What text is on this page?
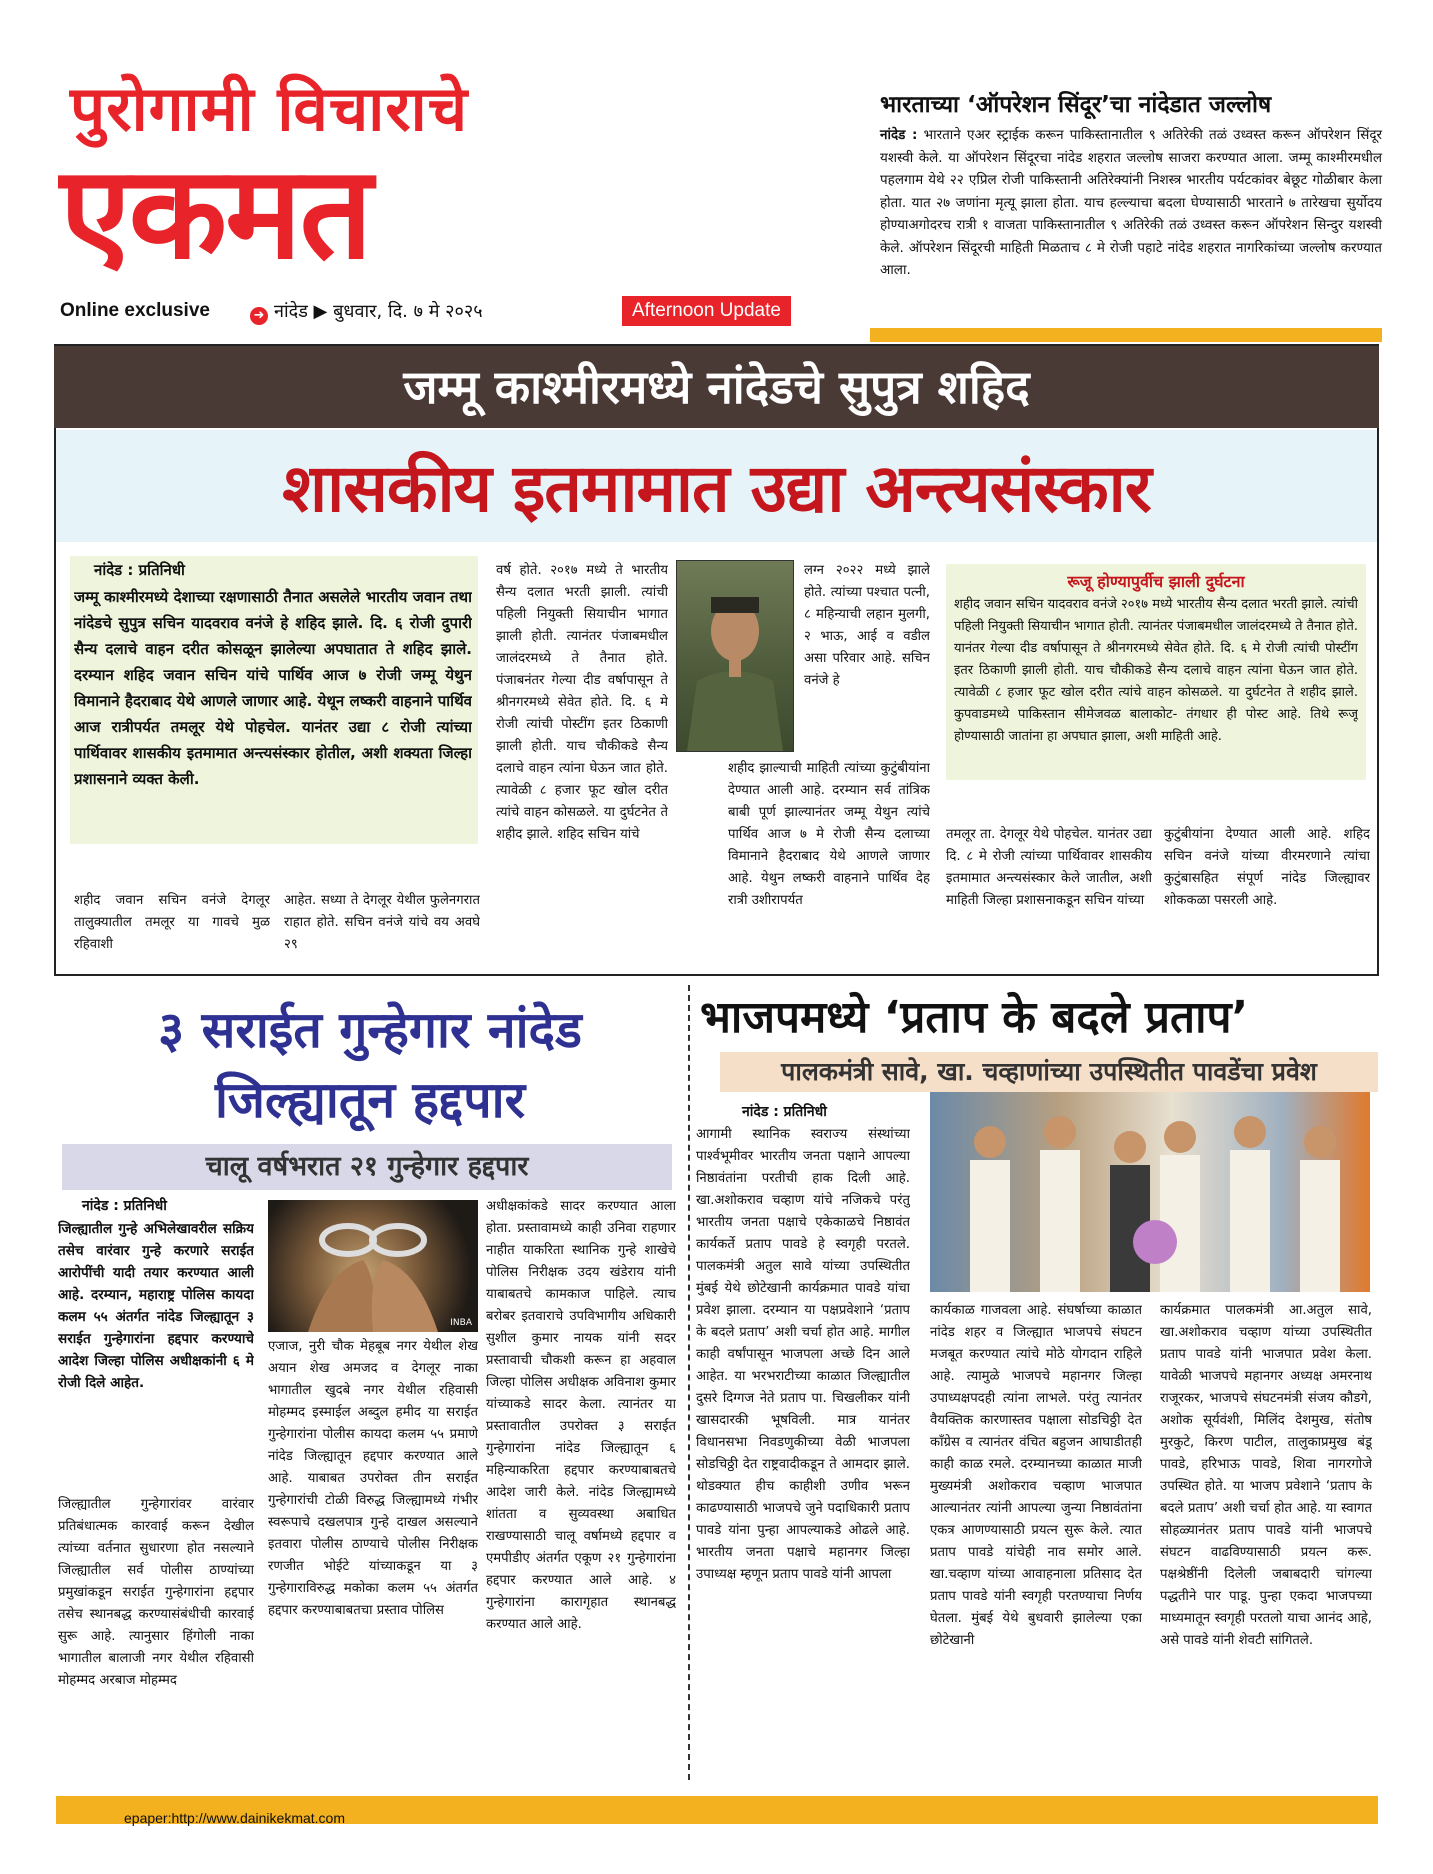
पुरोगामी विचाराचे
एकमत
भारताच्या ‘ऑपरेशन सिंदूर’चा नांदेडात जल्लोष
नांदेड : भारताने एअर स्ट्राईक करून पाकिस्तानातील ९ अतिरेकी तळं उध्वस्त करून ऑपरेशन सिंदूर यशस्वी केले. या ऑपरेशन सिंदूरचा नांदेड शहरात जल्लोष साजरा करण्यात आला. जम्मू काश्मीरमधील पहलगाम येथे २२ एप्रिल रोजी पाकिस्तानी अतिरेक्यांनी निशस्त्र भारतीय पर्यटकांवर बेछूट गोळीबार केला होता. यात २७ जणांना मृत्यू झाला होता. याच हल्ल्याचा बदला घेण्यासाठी भारताने ७ तारेखचा सुर्योदय होण्याअगोदरच रात्री १ वाजता पाकिस्तानातील ९ अतिरेकी तळं उध्वस्त करून ऑपरेशन सिन्दुर यशस्वी केले. ऑपरेशन सिंदूरची माहिती मिळताच ८ मे रोजी पहाटे नांदेड शहरात नागरिकांच्या जल्लोष करण्यात आला.
Online exclusive	➜ नांदेड ▶ बुधवार, दि. ७ मे २०२५	Afternoon Update
जम्मू काश्मीरमध्ये नांदेडचे सुपुत्र शहिद
शासकीय इतमामात उद्या अन्त्यसंस्कार
नांदेड : प्रतिनिधी
जम्मू काश्मीरमध्ये देशाच्या रक्षणासाठी तैनात असलेले भारतीय जवान तथा नांदेडचे सुपुत्र सचिन यादवराव वनंजे हे शहिद झाले. दि. ६ रोजी दुपारी सैन्य दलाचे वाहन दरीत कोसळून झालेल्या अपघातात ते शहिद झाले. दरम्यान शहिद जवान सचिन यांचे पार्थिव आज ७ रोजी जम्मू येथुन विमानाने हैदराबाद येथे आणले जाणार आहे. येथून लष्करी वाहनाने पार्थिव आज रात्रीपर्यत तमलूर येथे पोहचेल. यानंतर उद्या ८ रोजी त्यांच्या पार्थिवावर शासकीय इतमामात अन्त्यसंस्कार होतील, अशी शक्यता जिल्हा प्रशासनाने व्यक्त केली.
शहीद जवान सचिन वनंजे देगलूर तालुक्यातील तमलूर या गावचे मुळ रहिवाशी
आहेत. सध्या ते देगलूर येथील फुलेनगरात राहात होते. सचिन वनंजे यांचे वय अवघे २९
वर्ष होते. २०१७ मध्ये ते भारतीय सैन्य दलात भरती झाली. त्यांची पहिली नियुक्ती सियाचीन भागात झाली होती. त्यानंतर पंजाबमधील जालंदरमध्ये ते तैनात होते. पंजाबनंतर गेल्या दीड वर्षापासून ते श्रीनगरमध्ये सेवेत होते. दि. ६ मे रोजी त्यांची पोस्टींग इतर ठिकाणी झाली होती. याच चौकीकडे सैन्य दलाचे वाहन त्यांना घेऊन जात होते. त्यावेळी ८ हजार फूट खोल दरीत त्यांचे वाहन कोसळले. या दुर्घटनेत ते शहीद झाले. शहिद सचिन यांचे
लग्न २०२२ मध्ये झाले होते. त्यांच्या पश्चात पत्नी, ८ महिन्याची लहान मुलगी, २ भाऊ, आई व वडील असा परिवार आहे. सचिन वनंजे हे
शहीद झाल्याची माहिती त्यांच्या कुटुंबीयांना देण्यात आली आहे. दरम्यान सर्व तांत्रिक बाबी पूर्ण झाल्यानंतर जम्मू येथुन त्यांचे पार्थिव आज ७ मे रोजी सैन्य दलाच्या विमानाने हैदराबाद येथे आणले जाणार आहे. येथुन लष्करी वाहनाने पार्थिव देह रात्री उशीरापर्यत
रूजू होण्यापुर्वीच झाली दुर्घटना
शहीद जवान सचिन यादवराव वनंजे २०१७ मध्ये भारतीय सैन्य दलात भरती झाले. त्यांची पहिली नियुक्ती सियाचीन भागात होती. त्यानंतर पंजाबमधील जालंदरमध्ये ते तैनात होते. यानंतर गेल्या दीड वर्षापासून ते श्रीनगरमध्ये सेवेत होते. दि. ६ मे रोजी त्यांची पोस्टींग इतर ठिकाणी झाली होती. याच चौकीकडे सैन्य दलाचे वाहन त्यांना घेऊन जात होते. त्यावेळी ८ हजार फूट खोल दरीत त्यांचे वाहन कोसळले. या दुर्घटनेत ते शहीद झाले. कुपवाडमध्ये पाकिस्तान सीमेजवळ बालाकोट- तंगधार ही पोस्ट आहे. तिथे रूजू होण्यासाठी जातांना हा अपघात झाला, अशी माहिती आहे.
तमलूर ता. देगलूर येथे पोहचेल. यानंतर उद्या दि. ८ मे रोजी त्यांच्या पार्थिवावर शासकीय इतमामात अन्त्यसंस्कार केले जातील, अशी माहिती जिल्हा प्रशासनाकडून सचिन यांच्या
कुटुंबीयांना देण्यात आली आहे. शहिद सचिन वनंजे यांच्या वीरमरणाने त्यांचा कुटुंबासहित संपूर्ण नांदेड जिल्ह्यावर शोककळा पसरली आहे.
३ सराईत गुन्हेगार नांदेड
जिल्ह्यातून हद्दपार
चालू वर्षभरात २१ गुन्हेगार हद्दपार
नांदेड : प्रतिनिधी
जिल्ह्यातील गुन्हे अभिलेखावरील सक्रिय तसेच वारंवार गुन्हे करणारे सराईत आरोपींची यादी तयार करण्यात आली आहे. दरम्यान, महाराष्ट्र पोलिस कायदा कलम ५५ अंतर्गत नांदेड जिल्ह्यातून ३ सराईत गुन्हेगारांना हद्दपार करण्याचे आदेश जिल्हा पोलिस अधीक्षकांनी ६ मे रोजी दिले आहेत.
जिल्ह्यातील गुन्हेगारांवर वारंवार प्रतिबंधात्मक कारवाई करून देखील त्यांच्या वर्तनात सुधारणा होत नसल्याने जिल्ह्यातील सर्व पोलीस ठाण्यांच्या प्रमुखांकडून सराईत गुन्हेगारांना हद्दपार तसेच स्थानबद्ध करण्यासंबंधीची कारवाई सुरू आहे. त्यानुसार हिंगोली नाका भागातील बालाजी नगर येथील रहिवासी मोहम्मद अरबाज मोहम्मद
INBA
एजाज, नुरी चौक मेहबूब नगर येथील शेख अयान शेख अमजद व देगलूर नाका भागातील खुदबे नगर येथील रहिवासी मोहम्मद इस्माईल अब्दुल हमीद या सराईत गुन्हेगारांना पोलीस कायदा कलम ५५ प्रमाणे नांदेड जिल्ह्यातून हद्दपार करण्यात आले आहे. याबाबत उपरोक्त तीन सराईत गुन्हेगारांची टोळी विरुद्ध जिल्ह्यामध्ये गंभीर स्वरूपाचे दखलपात्र गुन्हे दाखल असल्याने इतवारा पोलीस ठाण्याचे पोलीस निरीक्षक रणजीत भोईटे यांच्याकडून या ३ गुन्हेगाराविरुद्ध मकोका कलम ५५ अंतर्गत हद्दपार करण्याबाबतचा प्रस्ताव पोलिस
अधीक्षकांकडे सादर करण्यात आला होता. प्रस्तावामध्ये काही उनिवा राहणार नाहीत याकरिता स्थानिक गुन्हे शाखेचे पोलिस निरीक्षक उदय खंडेराय यांनी याबाबतचे कामकाज पाहिले. त्याच बरोबर इतवाराचे उपविभागीय अधिकारी सुशील कुमार नायक यांनी सदर प्रस्तावाची चौकशी करून हा अहवाल जिल्हा पोलिस अधीक्षक अविनाश कुमार यांच्याकडे सादर केला. त्यानंतर या प्रस्तावातील उपरोक्त ३ सराईत गुन्हेगारांना नांदेड जिल्ह्यातून ६ महिन्याकरिता हद्दपार करण्याबाबतचे आदेश जारी केले. नांदेड जिल्ह्यामध्ये शांतता व सुव्यवस्था अबाधित राखण्यासाठी चालू वर्षामध्ये हद्दपार व एमपीडीए अंतर्गत एकूण २१ गुन्हेगारांना हद्दपार करण्यात आले आहे. ४ गुन्हेगारांना कारागृहात स्थानबद्ध करण्यात आले आहे.
भाजपमध्ये ‘प्रताप के बदले प्रताप’
पालकमंत्री सावे, खा. चव्हाणांच्या उपस्थितीत पावडेंचा प्रवेश
नांदेड : प्रतिनिधी
आगामी स्थानिक स्वराज्य संस्थांच्या पार्श्वभूमीवर भारतीय जनता पक्षाने आपल्या निष्ठावंतांना परतीची हाक दिली आहे. खा.अशोकराव चव्हाण यांचे नजिकचे परंतु भारतीय जनता पक्षाचे एकेकाळचे निष्ठावंत कार्यकर्ते प्रताप पावडे हे स्वगृही परतले. पालकमंत्री अतुल सावे यांच्या उपस्थितीत मुंबई येथे छोटेखानी कार्यक्रमात पावडे यांचा प्रवेश झाला. दरम्यान या पक्षप्रवेशाने ‘प्रताप के बदले प्रताप’ अशी चर्चा होत आहे. मागील काही वर्षांपासून भाजपला अच्छे दिन आले आहेत. या भरभराटीच्या काळात जिल्ह्यातील दुसरे दिग्गज नेते प्रताप पा. चिखलीकर यांनी खासदारकी भूषविली. मात्र यानंतर विधानसभा निवडणुकीच्या वेळी भाजपला सोडचिठ्ठी देत राष्ट्रवादीकडून ते आमदार झाले. थोडक्यात हीच काहीशी उणीव भरून काढण्यासाठी भाजपचे जुने पदाधिकारी प्रताप पावडे यांना पुन्हा आपल्याकडे ओढले आहे. भारतीय जनता पक्षाचे महानगर जिल्हा उपाध्यक्ष म्हणून प्रताप पावडे यांनी आपला
कार्यकाळ गाजवला आहे. संघर्षाच्या काळात नांदेड शहर व जिल्ह्यात भाजपचे संघटन मजबूत करण्यात त्यांचे मोठे योगदान राहिले आहे. त्यामुळे भाजपचे महानगर जिल्हा उपाध्यक्षपदही त्यांना लाभले. परंतु त्यानंतर वैयक्तिक कारणास्तव पक्षाला सोडचिठ्ठी देत काँग्रेस व त्यानंतर वंचित बहुजन आघाडीतही काही काळ रमले. दरम्यानच्या काळात माजी मुख्यमंत्री अशोकराव चव्हाण भाजपात आल्यानंतर त्यांनी आपल्या जुन्या निष्ठावंतांना एकत्र आणण्यासाठी प्रयत्न सुरू केले. त्यात प्रताप पावडे यांचेही नाव समोर आले. खा.चव्हाण यांच्या आवाहनाला प्रतिसाद देत प्रताप पावडे यांनी स्वगृही परतण्याचा निर्णय घेतला. मुंबई येथे बुधवारी झालेल्या एका छोटेखानी
कार्यक्रमात पालकमंत्री आ.अतुल सावे, खा.अशोकराव चव्हाण यांच्या उपस्थितीत प्रताप पावडे यांनी भाजपात प्रवेश केला. यावेळी भाजपचे महानगर अध्यक्ष अमरनाथ राजूरकर, भाजपचे संघटनमंत्री संजय कौडगे, अशोक सूर्यवंशी, मिलिंद देशमुख, संतोष मुरकुटे, किरण पाटील, तालुकाप्रमुख बंडू पावडे, हरिभाऊ पावडे, शिवा नागरगोजे उपस्थित होते. या भाजप प्रवेशाने ‘प्रताप के बदले प्रताप’ अशी चर्चा होत आहे. या स्वागत सोहळ्यानंतर प्रताप पावडे यांनी भाजपचे संघटन वाढविण्यासाठी प्रयत्न करू. पक्षश्रेष्ठींनी दिलेली जबाबदारी चांगल्या पद्धतीने पार पाडू. पुन्हा एकदा भाजपच्या माध्यमातून स्वगृही परतलो याचा आनंद आहे, असे पावडे यांनी शेवटी सांगितले.
epaper:http://www.dainikekmat.com
